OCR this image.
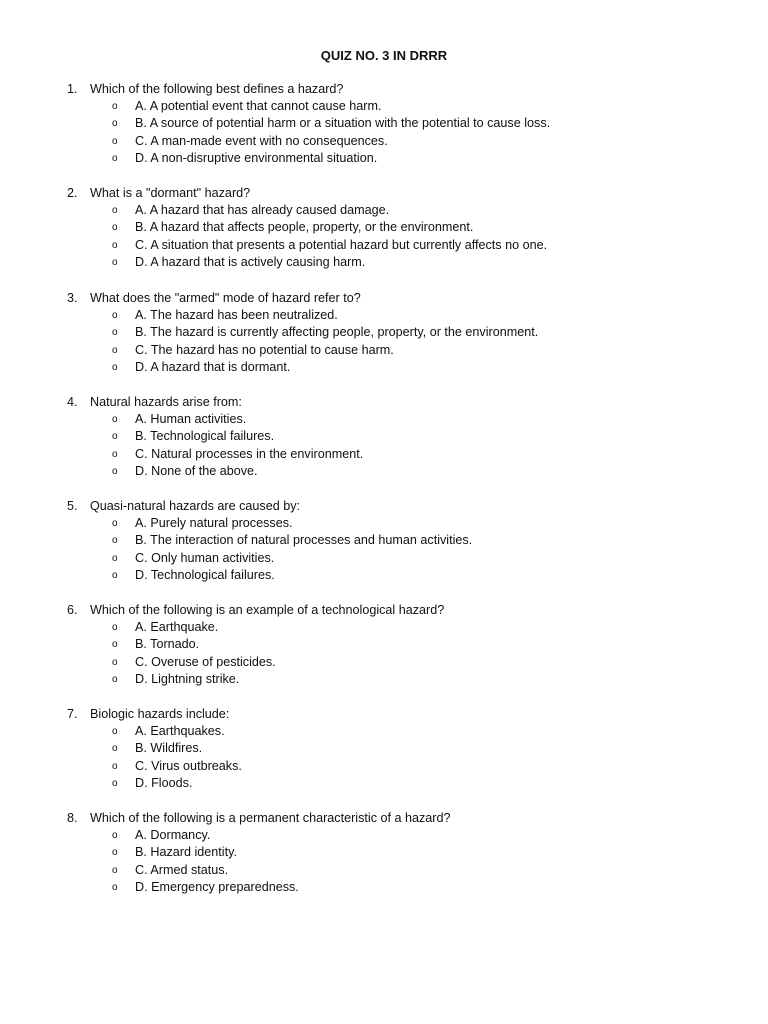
QUIZ NO. 3 IN DRRR
1. Which of the following best defines a hazard?
o A. A potential event that cannot cause harm.
o B. A source of potential harm or a situation with the potential to cause loss.
o C. A man-made event with no consequences.
o D. A non-disruptive environmental situation.
2. What is a "dormant" hazard?
o A. A hazard that has already caused damage.
o B. A hazard that affects people, property, or the environment.
o C. A situation that presents a potential hazard but currently affects no one.
o D. A hazard that is actively causing harm.
3. What does the "armed" mode of hazard refer to?
o A. The hazard has been neutralized.
o B. The hazard is currently affecting people, property, or the environment.
o C. The hazard has no potential to cause harm.
o D. A hazard that is dormant.
4. Natural hazards arise from:
o A. Human activities.
o B. Technological failures.
o C. Natural processes in the environment.
o D. None of the above.
5. Quasi-natural hazards are caused by:
o A. Purely natural processes.
o B. The interaction of natural processes and human activities.
o C. Only human activities.
o D. Technological failures.
6. Which of the following is an example of a technological hazard?
o A. Earthquake.
o B. Tornado.
o C. Overuse of pesticides.
o D. Lightning strike.
7. Biologic hazards include:
o A. Earthquakes.
o B. Wildfires.
o C. Virus outbreaks.
o D. Floods.
8. Which of the following is a permanent characteristic of a hazard?
o A. Dormancy.
o B. Hazard identity.
o C. Armed status.
o D. Emergency preparedness.
